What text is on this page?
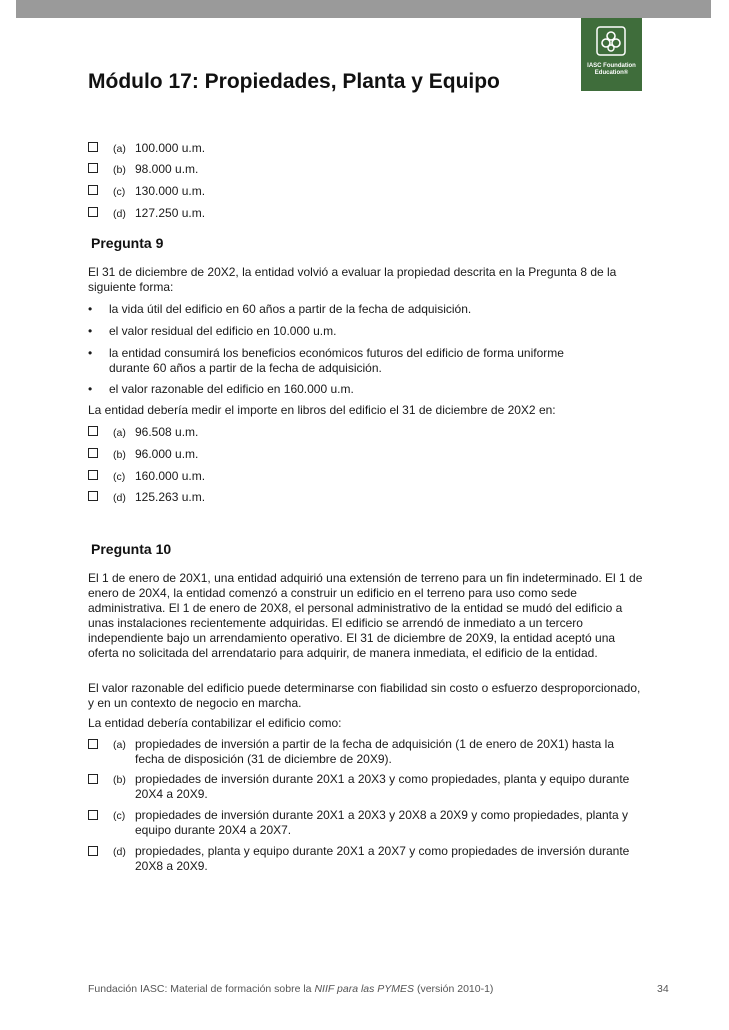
IASC Foundation
Education®
Módulo 17: Propiedades, Planta y Equipo
(a) 100.000 u.m.
(b) 98.000 u.m.
(c) 130.000 u.m.
(d) 127.250 u.m.
Pregunta 9
El 31 de diciembre de 20X2, la entidad volvió a evaluar la propiedad descrita en la Pregunta 8 de la siguiente forma:
• la vida útil del edificio en 60 años a partir de la fecha de adquisición.
• el valor residual del edificio en 10.000 u.m.
• la entidad consumirá los beneficios económicos futuros del edificio de forma uniforme durante 60 años a partir de la fecha de adquisición.
• el valor razonable del edificio en 160.000 u.m.
La entidad debería medir el importe en libros del edificio el 31 de diciembre de 20X2 en:
(a) 96.508 u.m.
(b) 96.000 u.m.
(c) 160.000 u.m.
(d) 125.263 u.m.
Pregunta 10
El 1 de enero de 20X1, una entidad adquirió una extensión de terreno para un fin indeterminado. El 1 de enero de 20X4, la entidad comenzó a construir un edificio en el terreno para uso como sede administrativa. El 1 de enero de 20X8, el personal administrativo de la entidad se mudó del edificio a unas instalaciones recientemente adquiridas. El edificio se arrendó de inmediato a un tercero independiente bajo un arrendamiento operativo. El 31 de diciembre de 20X9, la entidad aceptó una oferta no solicitada del arrendatario para adquirir, de manera inmediata, el edificio de la entidad.
El valor razonable del edificio puede determinarse con fiabilidad sin costo o esfuerzo desproporcionado, y en un contexto de negocio en marcha.
La entidad debería contabilizar el edificio como:
(a) propiedades de inversión a partir de la fecha de adquisición (1 de enero de 20X1) hasta la fecha de disposición (31 de diciembre de 20X9).
(b) propiedades de inversión durante 20X1 a 20X3 y como propiedades, planta y equipo durante 20X4 a 20X9.
(c) propiedades de inversión durante 20X1 a 20X3 y 20X8 a 20X9 y como propiedades, planta y equipo durante 20X4 a 20X7.
(d) propiedades, planta y equipo durante 20X1 a 20X7 y como propiedades de inversión durante 20X8 a 20X9.
Fundación IASC: Material de formación sobre la NIIF para las PYMES (versión 2010-1)	34
